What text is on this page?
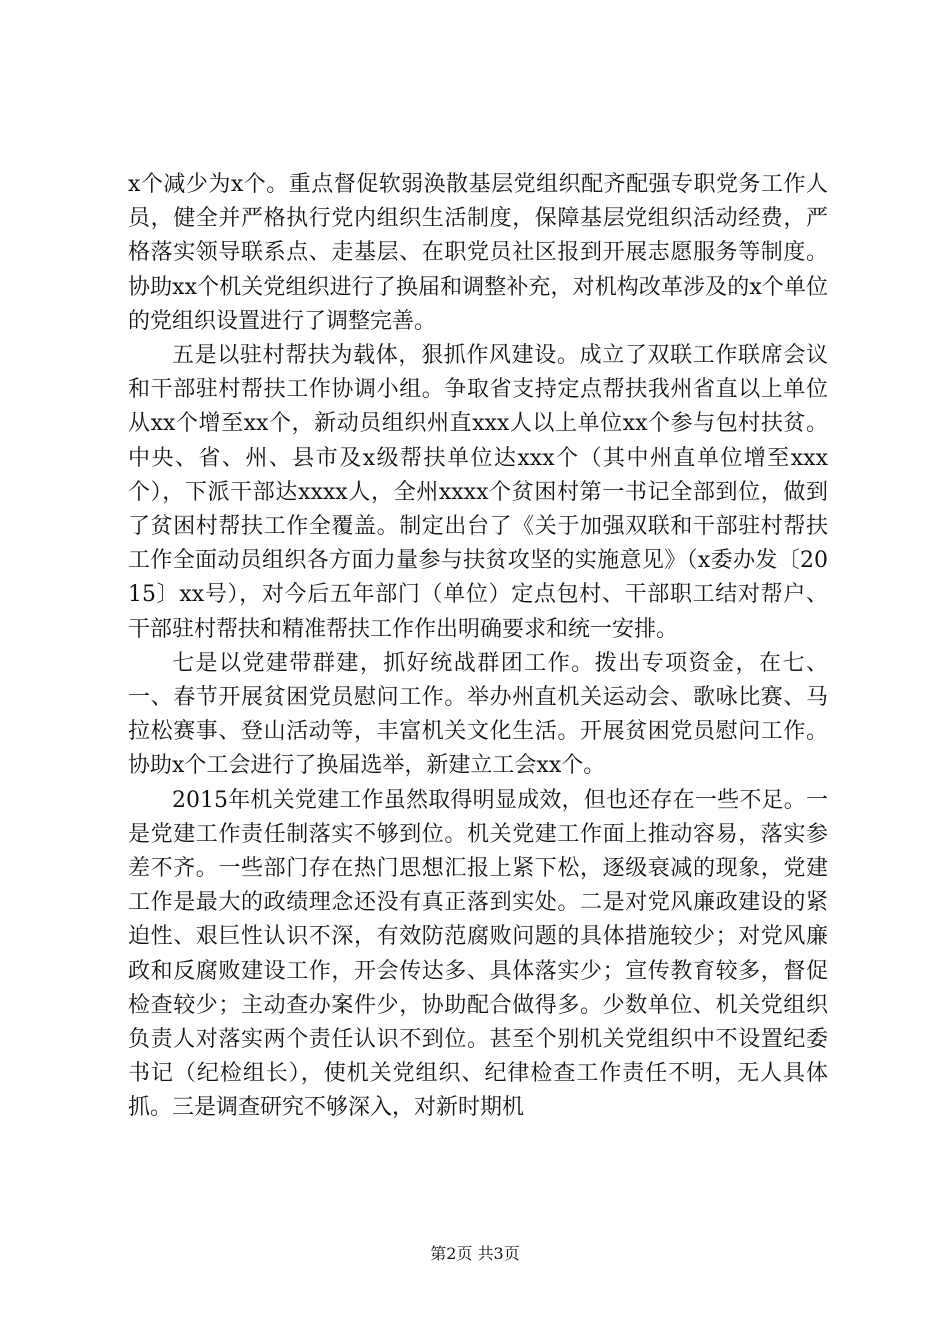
x个减少为x个。重点督促软弱涣散基层党组织配齐配强专职党务工作人员，健全并严格执行党内组织生活制度，保障基层党组织活动经费，严格落实领导联系点、走基层、在职党员社区报到开展志愿服务等制度。协助xx个机关党组织进行了换届和调整补充，对机构改革涉及的x个单位的党组织设置进行了调整完善。

五是以驻村帮扶为载体，狠抓作风建设。成立了双联工作联席会议和干部驻村帮扶工作协调小组。争取省支持定点帮扶我州省直以上单位从xx个增至xx个，新动员组织州直xxx人以上单位xx个参与包村扶贫。中央、省、州、县市及x级帮扶单位达xxx个（其中州直单位增至xxx个），下派干部达xxxx人，全州xxxx个贫困村第一书记全部到位，做到了贫困村帮扶工作全覆盖。制定出台了《关于加强双联和干部驻村帮扶工作全面动员组织各方面力量参与扶贫攻坚的实施意见》（x委办发〔2015〕xx号），对今后五年部门（单位）定点包村、干部职工结对帮户、干部驻村帮扶和精准帮扶工作作出明确要求和统一安排。

七是以党建带群建，抓好统战群团工作。拨出专项资金，在七、一、春节开展贫困党员慰问工作。举办州直机关运动会、歌咏比赛、马拉松赛事、登山活动等，丰富机关文化生活。开展贫困党员慰问工作。协助x个工会进行了换届选举，新建立工会xx个。

2015年机关党建工作虽然取得明显成效，但也还存在一些不足。一是党建工作责任制落实不够到位。机关党建工作面上推动容易，落实参差不齐。一些部门存在热门思想汇报上紧下松，逐级衰减的现象，党建工作是最大的政绩理念还没有真正落到实处。二是对党风廉政建设的紧迫性、艰巨性认识不深，有效防范腐败问题的具体措施较少；对党风廉政和反腐败建设工作，开会传达多、具体落实少；宣传教育较多，督促检查较少；主动查办案件少，协助配合做得多。少数单位、机关党组织负责人对落实两个责任认识不到位。甚至个别机关党组织中不设置纪委书记（纪检组长），使机关党组织、纪律检查工作责任不明，无人具体抓。三是调查研究不够深入，对新时期机

第2页 共3页
